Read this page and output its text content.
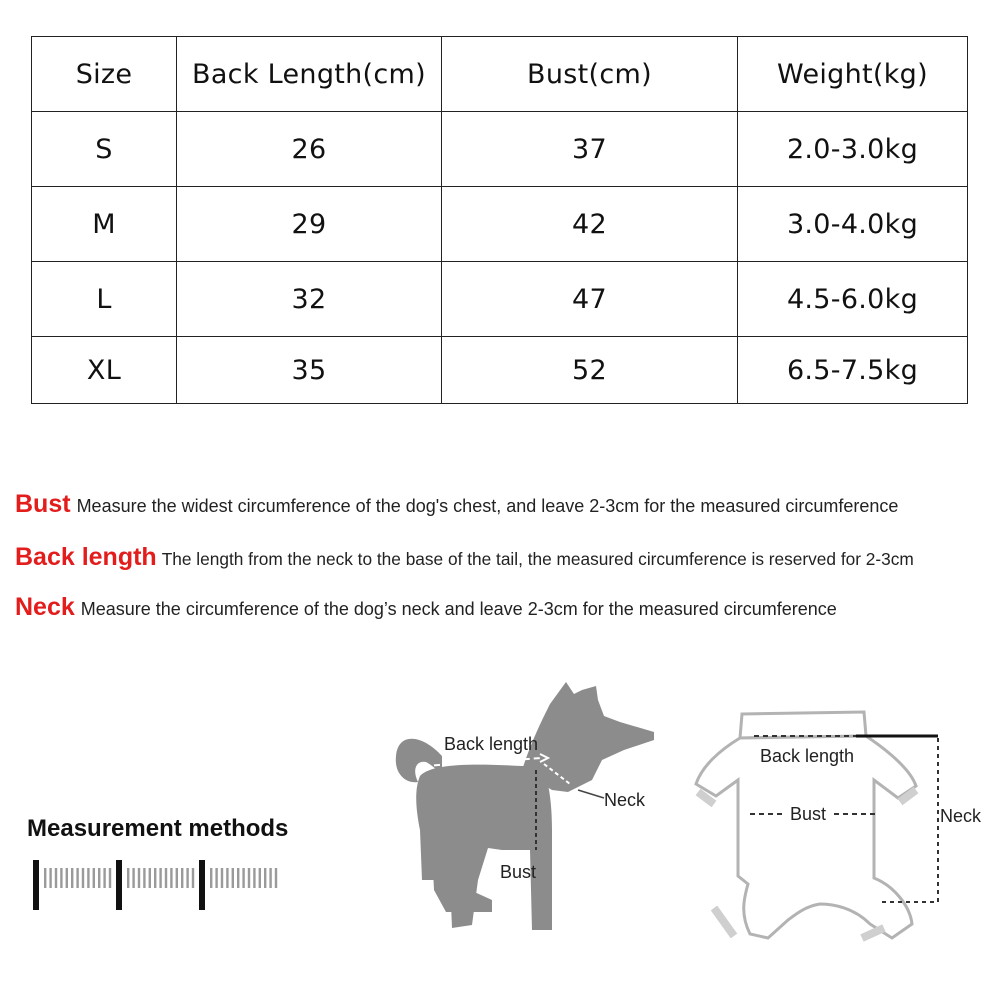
Size	Back Length(cm)	Bust(cm)	Weight(kg)
S	26	37	2.0-3.0kg
M	29	42	3.0-4.0kg
L	32	47	4.5-6.0kg
XL	35	52	6.5-7.5kg
Bust Measure the widest circumference of the dog's chest, and leave 2-3cm for the measured circumference
Back length The length from the neck to the base of the tail, the measured circumference is reserved for 2-3cm
Neck Measure the circumference of the dog’s neck and leave 2-3cm for the measured circumference
Measurement methods
Back length
Neck
Bust
Back length
Bust	Neck
